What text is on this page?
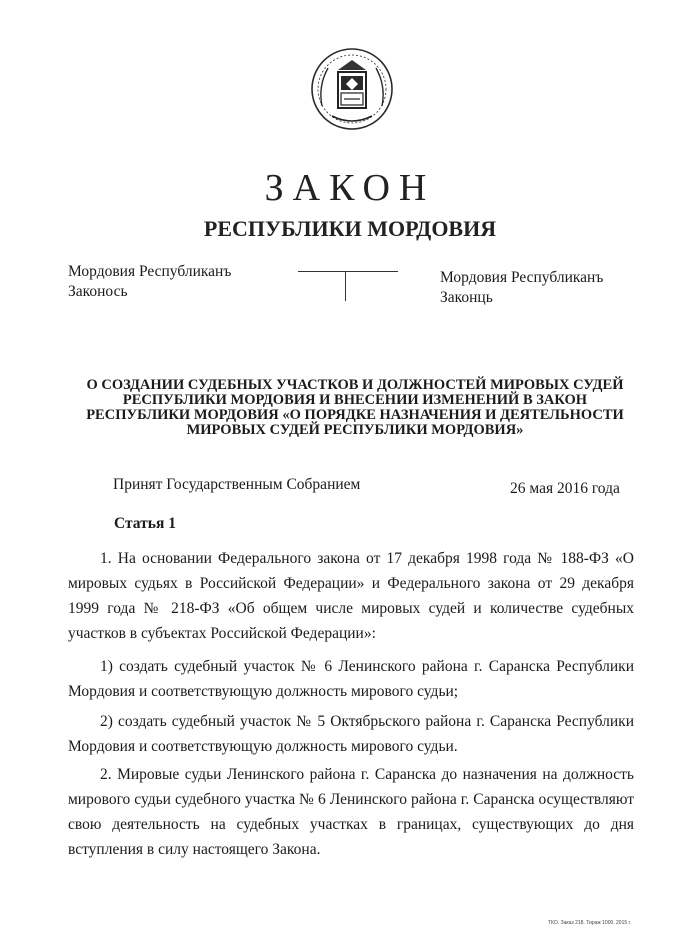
ЗАКОН
РЕСПУБЛИКИ МОРДОВИЯ
Мордовия Республиканъ
Законось
Мордовия Республиканъ
Законць
О СОЗДАНИИ СУДЕБНЫХ УЧАСТКОВ И ДОЛЖНОСТЕЙ МИРОВЫХ СУДЕЙ РЕСПУБЛИКИ МОРДОВИЯ И ВНЕСЕНИИ ИЗМЕНЕНИЙ В ЗАКОН РЕСПУБЛИКИ МОРДОВИЯ «О ПОРЯДКЕ НАЗНАЧЕНИЯ И ДЕЯТЕЛЬНОСТИ МИРОВЫХ СУДЕЙ РЕСПУБЛИКИ МОРДОВИЯ»
Принят Государственным Собранием	26 мая 2016 года
Статья 1
1. На основании Федерального закона от 17 декабря 1998 года № 188-ФЗ «О мировых судьях в Российской Федерации» и Федерального закона от 29 декабря 1999 года № 218-ФЗ «Об общем числе мировых судей и количестве судебных участков в субъектах Российской Федерации»:
1) создать судебный участок № 6 Ленинского района г. Саранска Республики Мордовия и соответствующую должность мирового судьи;
2) создать судебный участок № 5 Октябрьского района г. Саранска Республики Мордовия и соответствующую должность мирового судьи.
2. Мировые судьи Ленинского района г. Саранска до назначения на должность мирового судьи судебного участка № 6 Ленинского района г. Саранска осуществляют свою деятельность на судебных участках в границах, существующих до дня вступления в силу настоящего Закона.
ТКО. Заказ 218. Тираж 1000. 2015 г.
